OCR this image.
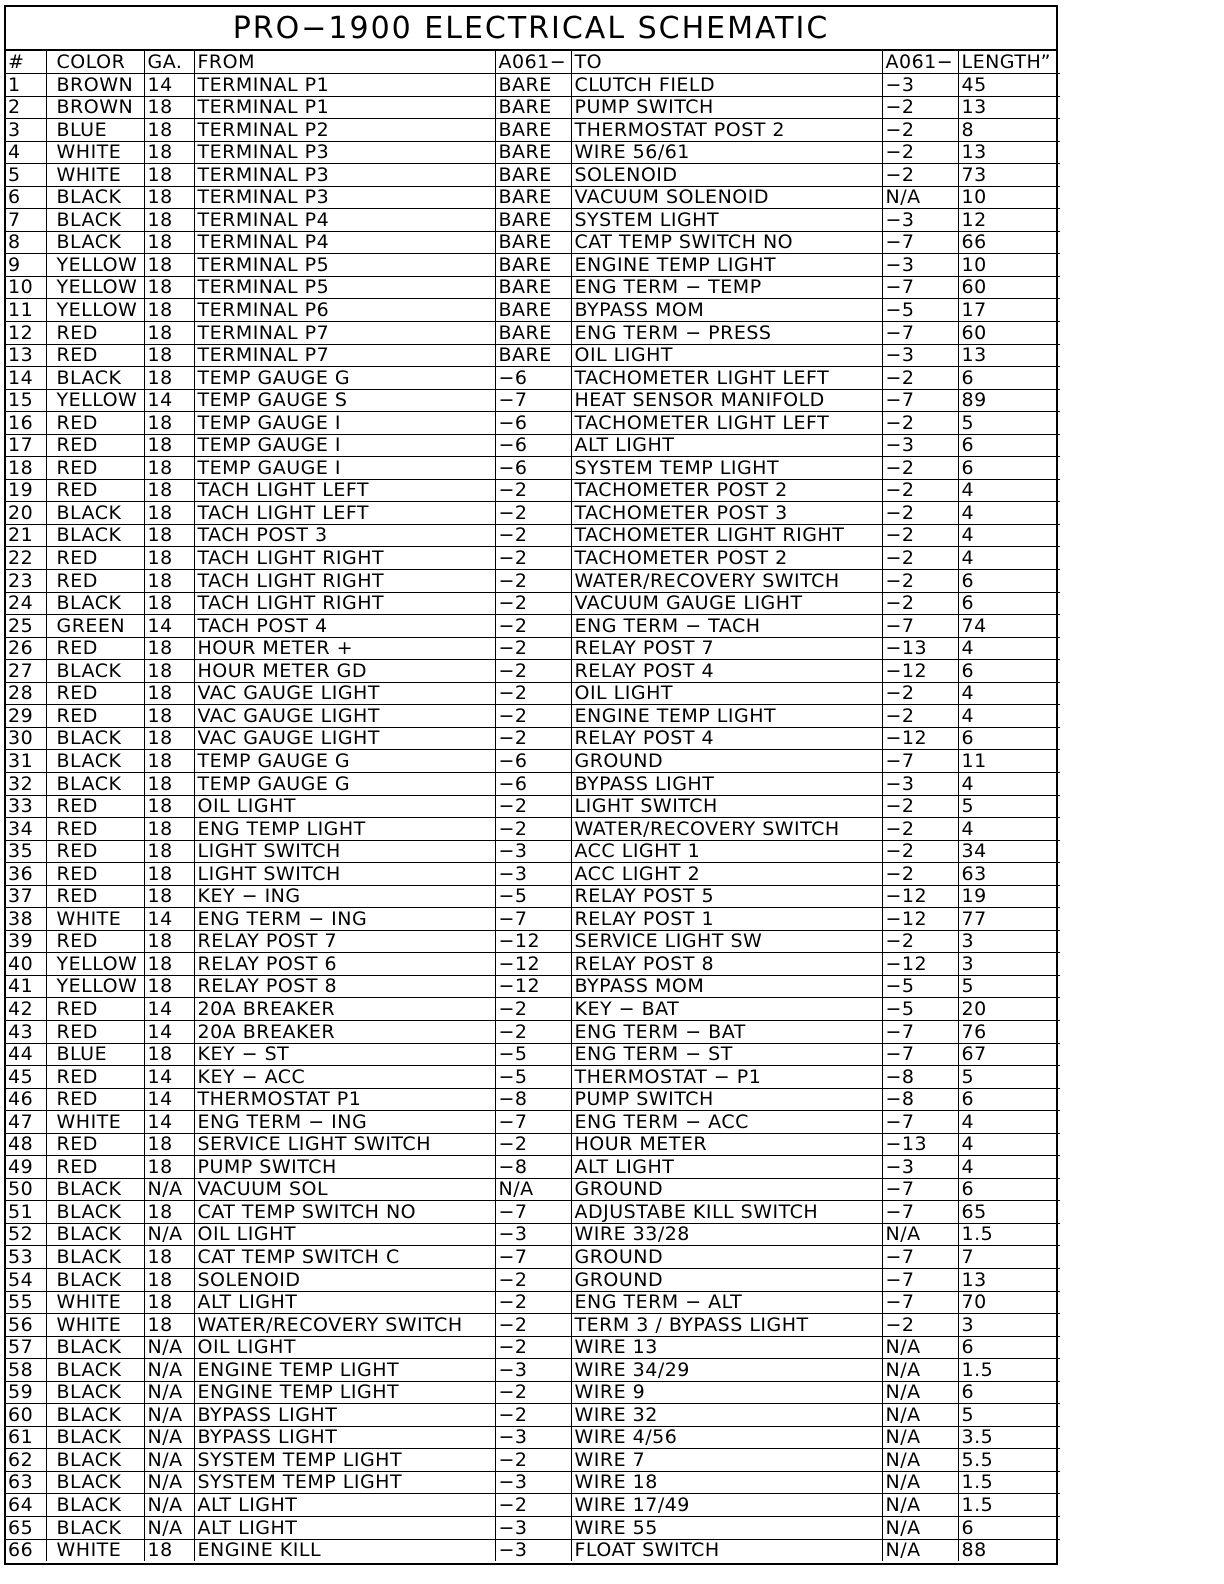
PRO−1900 ELECTRICAL SCHEMATIC
#	COLOR	GA.	FROM	A061−	TO	A061−	LENGTH”
1	BROWN	14	TERMINAL P1	BARE	CLUTCH FIELD	−3	45
2	BROWN	18	TERMINAL P1	BARE	PUMP SWITCH	−2	13
3	BLUE	18	TERMINAL P2	BARE	THERMOSTAT POST 2	−2	8
4	WHITE	18	TERMINAL P3	BARE	WIRE 56/61	−2	13
5	WHITE	18	TERMINAL P3	BARE	SOLENOID	−2	73
6	BLACK	18	TERMINAL P3	BARE	VACUUM SOLENOID	N/A	10
7	BLACK	18	TERMINAL P4	BARE	SYSTEM LIGHT	−3	12
8	BLACK	18	TERMINAL P4	BARE	CAT TEMP SWITCH NO	−7	66
9	YELLOW	18	TERMINAL P5	BARE	ENGINE TEMP LIGHT	−3	10
10	YELLOW	18	TERMINAL P5	BARE	ENG TERM − TEMP	−7	60
11	YELLOW	18	TERMINAL P6	BARE	BYPASS MOM	−5	17
12	RED	18	TERMINAL P7	BARE	ENG TERM − PRESS	−7	60
13	RED	18	TERMINAL P7	BARE	OIL LIGHT	−3	13
14	BLACK	18	TEMP GAUGE G	−6	TACHOMETER LIGHT LEFT	−2	6
15	YELLOW	14	TEMP GAUGE S	−7	HEAT SENSOR MANIFOLD	−7	89
16	RED	18	TEMP GAUGE I	−6	TACHOMETER LIGHT LEFT	−2	5
17	RED	18	TEMP GAUGE I	−6	ALT LIGHT	−3	6
18	RED	18	TEMP GAUGE I	−6	SYSTEM TEMP LIGHT	−2	6
19	RED	18	TACH LIGHT LEFT	−2	TACHOMETER POST 2	−2	4
20	BLACK	18	TACH LIGHT LEFT	−2	TACHOMETER POST 3	−2	4
21	BLACK	18	TACH POST 3	−2	TACHOMETER LIGHT RIGHT	−2	4
22	RED	18	TACH LIGHT RIGHT	−2	TACHOMETER POST 2	−2	4
23	RED	18	TACH LIGHT RIGHT	−2	WATER/RECOVERY SWITCH	−2	6
24	BLACK	18	TACH LIGHT RIGHT	−2	VACUUM GAUGE LIGHT	−2	6
25	GREEN	14	TACH POST 4	−2	ENG TERM − TACH	−7	74
26	RED	18	HOUR METER +	−2	RELAY POST 7	−13	4
27	BLACK	18	HOUR METER GD	−2	RELAY POST 4	−12	6
28	RED	18	VAC GAUGE LIGHT	−2	OIL LIGHT	−2	4
29	RED	18	VAC GAUGE LIGHT	−2	ENGINE TEMP LIGHT	−2	4
30	BLACK	18	VAC GAUGE LIGHT	−2	RELAY POST 4	−12	6
31	BLACK	18	TEMP GAUGE G	−6	GROUND	−7	11
32	BLACK	18	TEMP GAUGE G	−6	BYPASS LIGHT	−3	4
33	RED	18	OIL LIGHT	−2	LIGHT SWITCH	−2	5
34	RED	18	ENG TEMP LIGHT	−2	WATER/RECOVERY SWITCH	−2	4
35	RED	18	LIGHT SWITCH	−3	ACC LIGHT 1	−2	34
36	RED	18	LIGHT SWITCH	−3	ACC LIGHT 2	−2	63
37	RED	18	KEY − ING	−5	RELAY POST 5	−12	19
38	WHITE	14	ENG TERM − ING	−7	RELAY POST 1	−12	77
39	RED	18	RELAY POST 7	−12	SERVICE LIGHT SW	−2	3
40	YELLOW	18	RELAY POST 6	−12	RELAY POST 8	−12	3
41	YELLOW	18	RELAY POST 8	−12	BYPASS MOM	−5	5
42	RED	14	20A BREAKER	−2	KEY − BAT	−5	20
43	RED	14	20A BREAKER	−2	ENG TERM − BAT	−7	76
44	BLUE	18	KEY − ST	−5	ENG TERM − ST	−7	67
45	RED	14	KEY − ACC	−5	THERMOSTAT − P1	−8	5
46	RED	14	THERMOSTAT P1	−8	PUMP SWITCH	−8	6
47	WHITE	14	ENG TERM − ING	−7	ENG TERM − ACC	−7	4
48	RED	18	SERVICE LIGHT SWITCH	−2	HOUR METER	−13	4
49	RED	18	PUMP SWITCH	−8	ALT LIGHT	−3	4
50	BLACK	N/A	VACUUM SOL	N/A	GROUND	−7	6
51	BLACK	18	CAT TEMP SWITCH NO	−7	ADJUSTABE KILL SWITCH	−7	65
52	BLACK	N/A	OIL LIGHT	−3	WIRE 33/28	N/A	1.5
53	BLACK	18	CAT TEMP SWITCH C	−7	GROUND	−7	7
54	BLACK	18	SOLENOID	−2	GROUND	−7	13
55	WHITE	18	ALT LIGHT	−2	ENG TERM − ALT	−7	70
56	WHITE	18	WATER/RECOVERY SWITCH	−2	TERM 3 / BYPASS LIGHT	−2	3
57	BLACK	N/A	OIL LIGHT	−2	WIRE 13	N/A	6
58	BLACK	N/A	ENGINE TEMP LIGHT	−3	WIRE 34/29	N/A	1.5
59	BLACK	N/A	ENGINE TEMP LIGHT	−2	WIRE 9	N/A	6
60	BLACK	N/A	BYPASS LIGHT	−2	WIRE 32	N/A	5
61	BLACK	N/A	BYPASS LIGHT	−3	WIRE 4/56	N/A	3.5
62	BLACK	N/A	SYSTEM TEMP LIGHT	−2	WIRE 7	N/A	5.5
63	BLACK	N/A	SYSTEM TEMP LIGHT	−3	WIRE 18	N/A	1.5
64	BLACK	N/A	ALT LIGHT	−2	WIRE 17/49	N/A	1.5
65	BLACK	N/A	ALT LIGHT	−3	WIRE 55	N/A	6
66	WHITE	18	ENGINE KILL	−3	FLOAT SWITCH	N/A	88
